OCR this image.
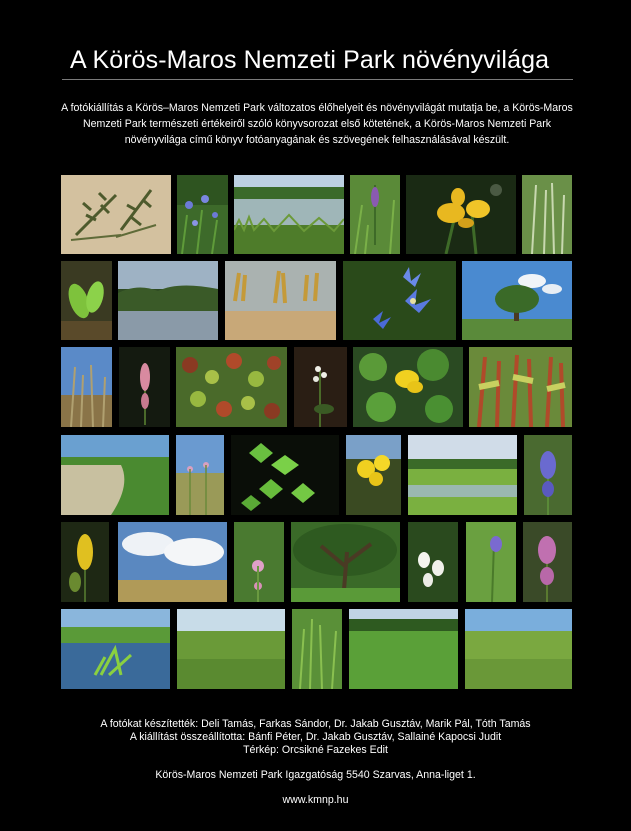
A Körös-Maros Nemzeti Park növényvilága
A fotókiállítás a Körös–Maros Nemzeti Park változatos élőhelyeit és növényvilágát mutatja be, a Körös-Maros Nemzeti Park természeti értékeiről szóló könyvsorozat első kötetének, a Körös-Maros Nemzeti Park növényvilága című könyv fotóanyagának és szövegének felhasználásával készült.
A fotókat készítették: Deli Tamás, Farkas Sándor, Dr. Jakab Gusztáv, Marik Pál, Tóth Tamás
A kiállítást összeállította: Bánfi Péter, Dr. Jakab Gusztáv, Sallainé Kapocsi Judit
Térkép: Orcsikné Fazekes Edit
Körös-Maros Nemzeti Park Igazgatóság 5540 Szarvas, Anna-liget 1.
www.kmnp.hu
